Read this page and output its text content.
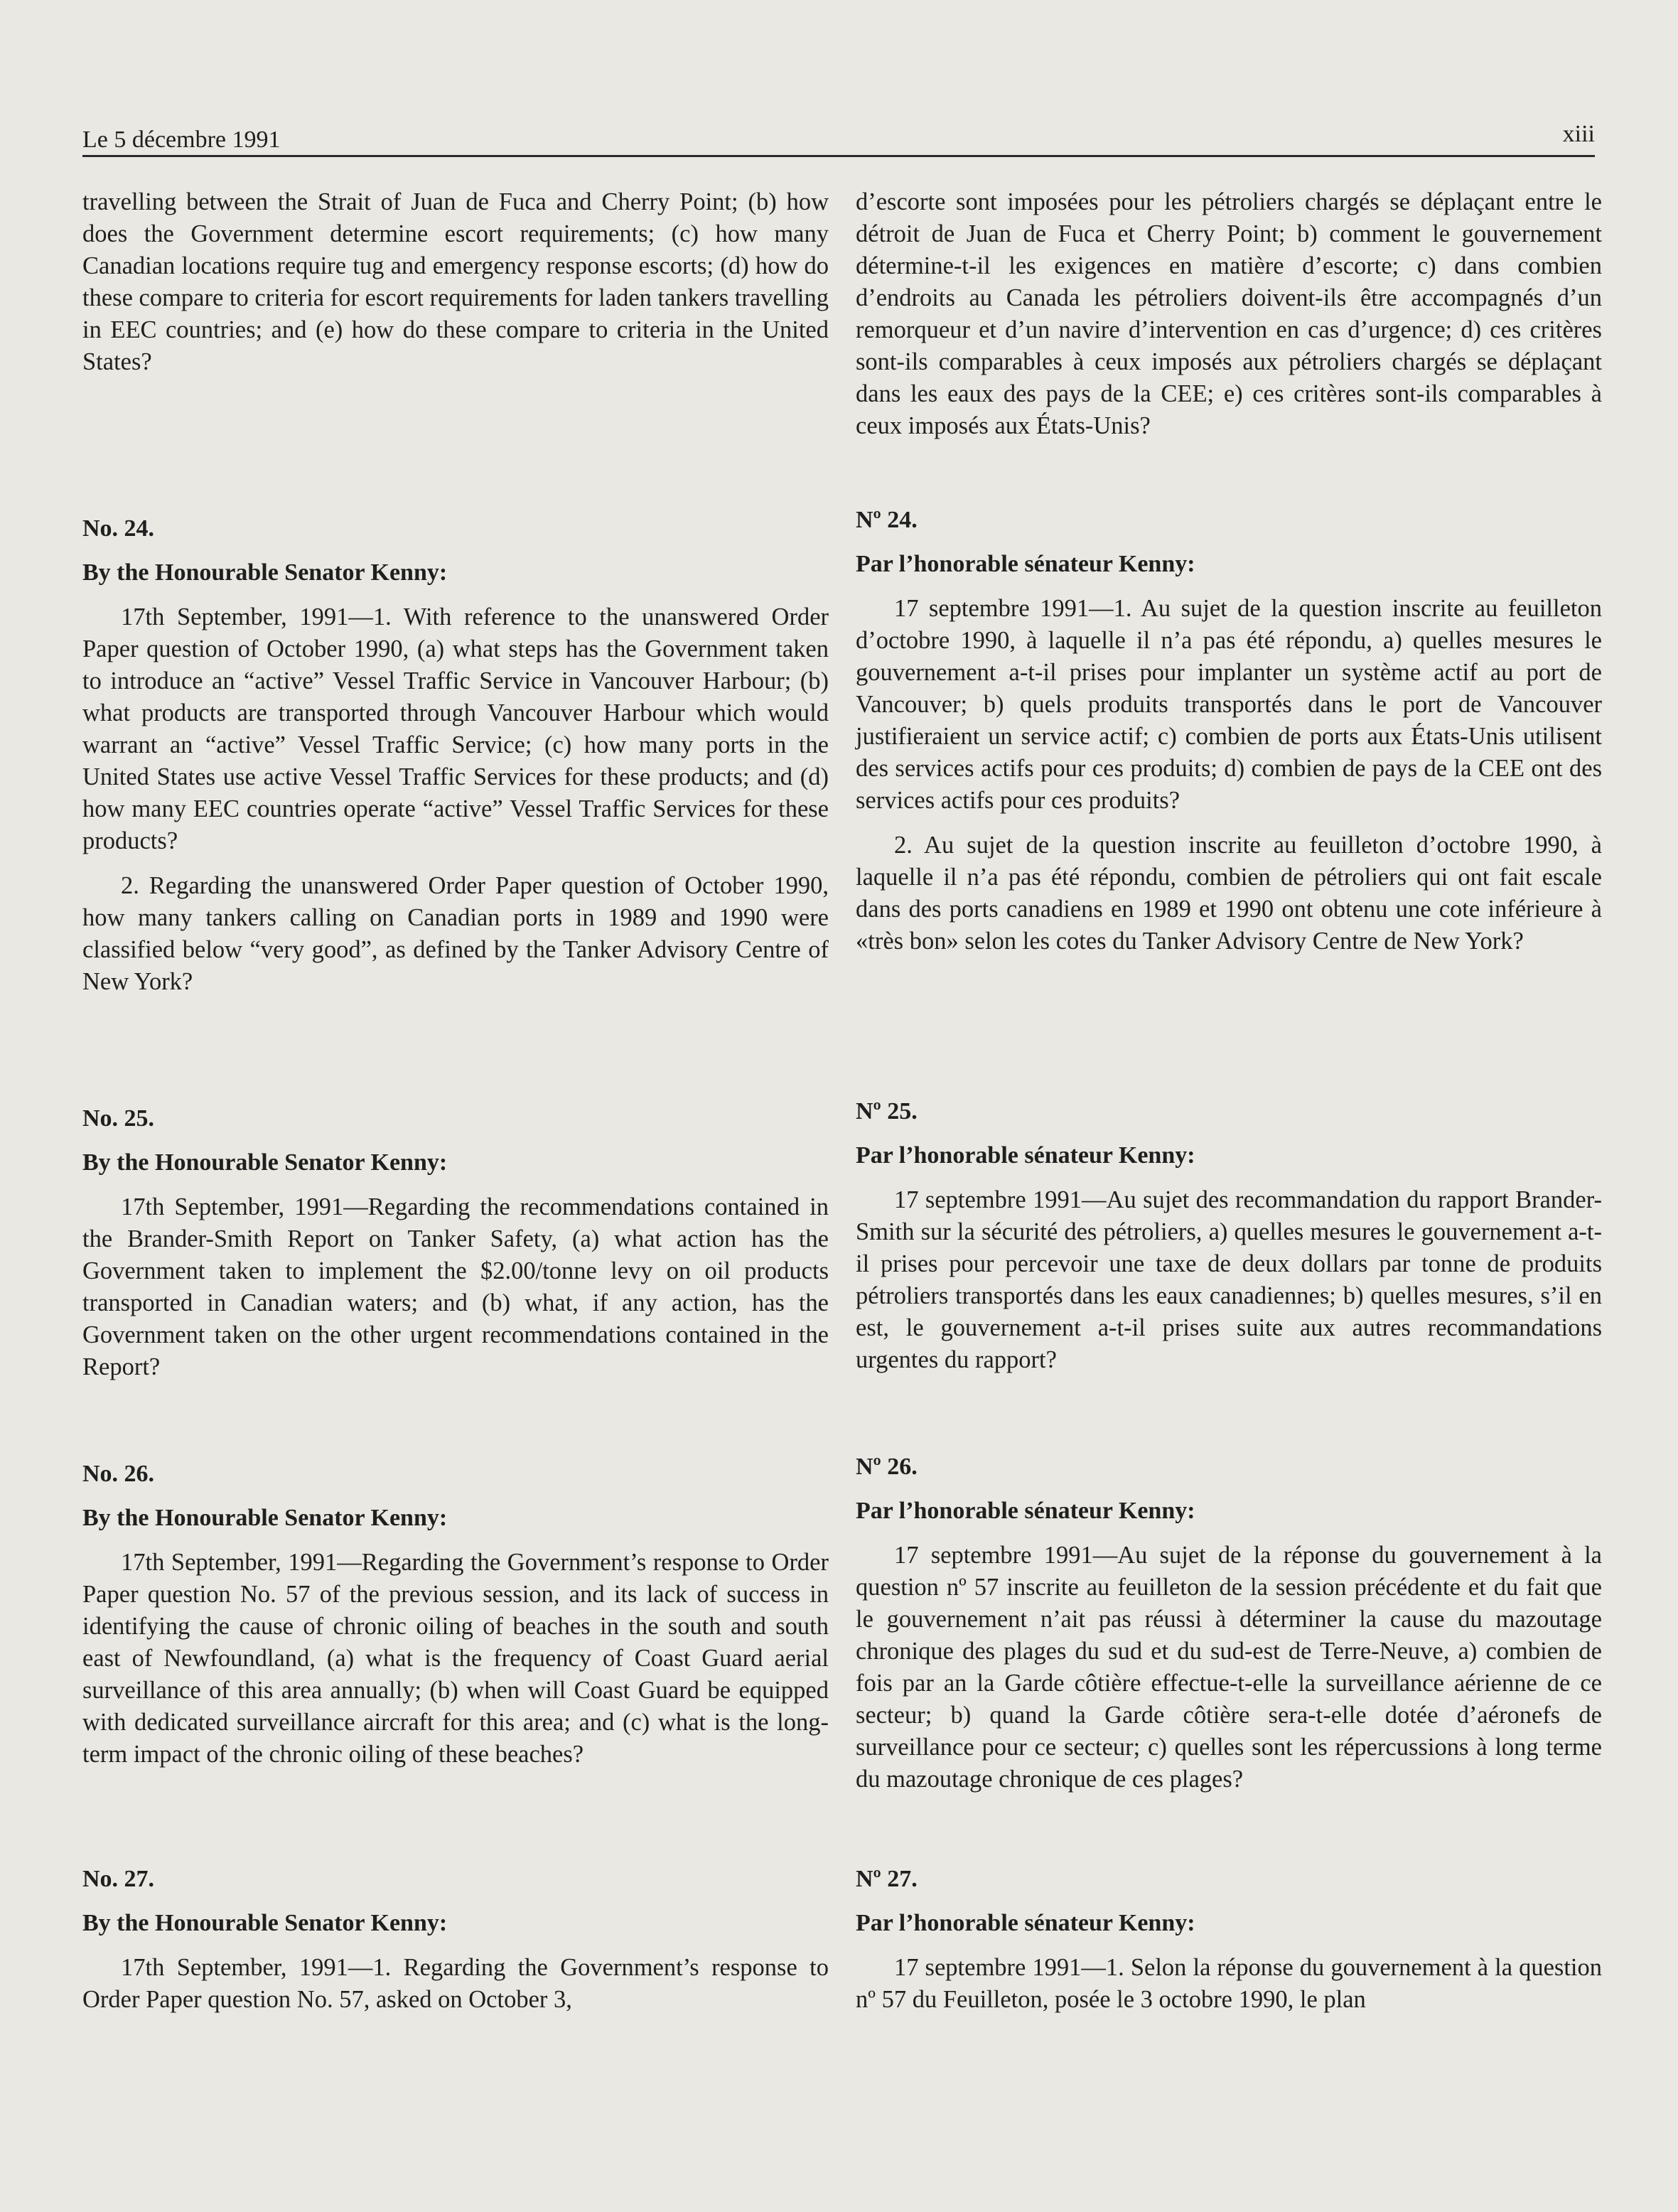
Le 5 décembre 1991	xiii

travelling between the Strait of Juan de Fuca and Cherry Point; (b) how does the Government determine escort requirements; (c) how many Canadian locations require tug and emergency response escorts; (d) how do these compare to criteria for escort requirements for laden tankers travelling in EEC countries; and (e) how do these compare to criteria in the United States?

No. 24.

By the Honourable Senator Kenny:

17th September, 1991—1. With reference to the unanswered Order Paper question of October 1990, (a) what steps has the Government taken to introduce an “active” Vessel Traffic Service in Vancouver Harbour; (b) what products are transported through Vancouver Harbour which would warrant an “active” Vessel Traffic Service; (c) how many ports in the United States use active Vessel Traffic Services for these products; and (d) how many EEC countries operate “active” Vessel Traffic Services for these products?

2. Regarding the unanswered Order Paper question of October 1990, how many tankers calling on Canadian ports in 1989 and 1990 were classified below “very good”, as defined by the Tanker Advisory Centre of New York?

No. 25.

By the Honourable Senator Kenny:

17th September, 1991—Regarding the recommendations contained in the Brander-Smith Report on Tanker Safety, (a) what action has the Government taken to implement the $2.00/tonne levy on oil products transported in Canadian waters; and (b) what, if any action, has the Government taken on the other urgent recommendations contained in the Report?

No. 26.

By the Honourable Senator Kenny:

17th September, 1991—Regarding the Government’s response to Order Paper question No. 57 of the previous session, and its lack of success in identifying the cause of chronic oiling of beaches in the south and south east of Newfoundland, (a) what is the frequency of Coast Guard aerial surveillance of this area annually; (b) when will Coast Guard be equipped with dedicated surveillance aircraft for this area; and (c) what is the long-term impact of the chronic oiling of these beaches?

No. 27.

By the Honourable Senator Kenny:

17th September, 1991—1. Regarding the Government’s response to Order Paper question No. 57, asked on October 3,

d’escorte sont imposées pour les pétroliers chargés se déplaçant entre le détroit de Juan de Fuca et Cherry Point; b) comment le gouvernement détermine-t-il les exigences en matière d’escorte; c) dans combien d’endroits au Canada les pétroliers doivent-ils être accompagnés d’un remorqueur et d’un navire d’intervention en cas d’urgence; d) ces critères sont-ils comparables à ceux imposés aux pétroliers chargés se déplaçant dans les eaux des pays de la CEE; e) ces critères sont-ils comparables à ceux imposés aux États-Unis?

Nº 24.

Par l’honorable sénateur Kenny:

17 septembre 1991—1. Au sujet de la question inscrite au feuilleton d’octobre 1990, à laquelle il n’a pas été répondu, a) quelles mesures le gouvernement a-t-il prises pour implanter un système actif au port de Vancouver; b) quels produits transportés dans le port de Vancouver justifieraient un service actif; c) combien de ports aux États-Unis utilisent des services actifs pour ces produits; d) combien de pays de la CEE ont des services actifs pour ces produits?

2. Au sujet de la question inscrite au feuilleton d’octobre 1990, à laquelle il n’a pas été répondu, combien de pétroliers qui ont fait escale dans des ports canadiens en 1989 et 1990 ont obtenu une cote inférieure à «très bon» selon les cotes du Tanker Advisory Centre de New York?

Nº 25.

Par l’honorable sénateur Kenny:

17 septembre 1991—Au sujet des recommandation du rapport Brander-Smith sur la sécurité des pétroliers, a) quelles mesures le gouvernement a-t-il prises pour percevoir une taxe de deux dollars par tonne de produits pétroliers transportés dans les eaux canadiennes; b) quelles mesures, s’il en est, le gouvernement a-t-il prises suite aux autres recommandations urgentes du rapport?

Nº 26.

Par l’honorable sénateur Kenny:

17 septembre 1991—Au sujet de la réponse du gouvernement à la question nº 57 inscrite au feuilleton de la session précédente et du fait que le gouvernement n’ait pas réussi à déterminer la cause du mazoutage chronique des plages du sud et du sud-est de Terre-Neuve, a) combien de fois par an la Garde côtière effectue-t-elle la surveillance aérienne de ce secteur; b) quand la Garde côtière sera-t-elle dotée d’aéronefs de surveillance pour ce secteur; c) quelles sont les répercussions à long terme du mazoutage chronique de ces plages?

Nº 27.

Par l’honorable sénateur Kenny:

17 septembre 1991—1. Selon la réponse du gouvernement à la question nº 57 du Feuilleton, posée le 3 octobre 1990, le plan
